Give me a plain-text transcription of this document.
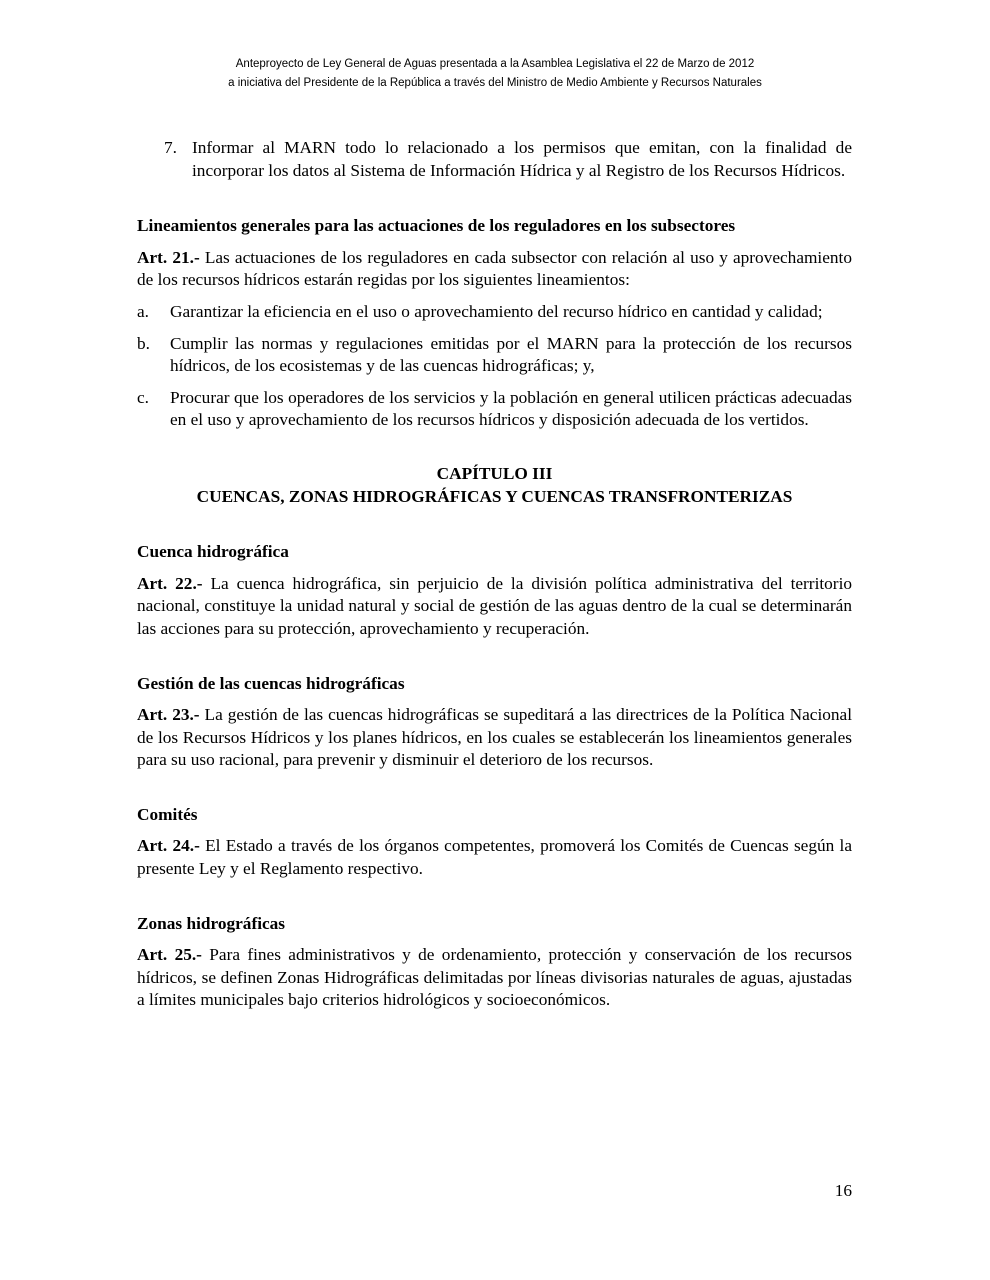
Anteproyecto de Ley General de Aguas presentada a la Asamblea Legislativa el 22 de Marzo de 2012
a iniciativa del Presidente de la República a través del Ministro de Medio Ambiente y Recursos Naturales
7. Informar al MARN todo lo relacionado a los permisos que emitan, con la finalidad de incorporar los datos al Sistema de Información Hídrica y al Registro de los Recursos Hídricos.

Lineamientos generales para las actuaciones de los reguladores en los subsectores

Art. 21.- Las actuaciones de los reguladores en cada subsector con relación al uso y aprovechamiento de los recursos hídricos estarán regidas por los siguientes lineamientos:

a. Garantizar la eficiencia en el uso o aprovechamiento del recurso hídrico en cantidad y calidad;
b. Cumplir las normas y regulaciones emitidas por el MARN para la protección de los recursos hídricos, de los ecosistemas y de las cuencas hidrográficas; y,
c. Procurar que los operadores de los servicios y la población en general utilicen prácticas adecuadas en el uso y aprovechamiento de los recursos hídricos y disposición adecuada de los vertidos.
CAPÍTULO III
CUENCAS, ZONAS HIDROGRÁFICAS Y CUENCAS TRANSFRONTERIZAS

Cuenca hidrográfica

Art. 22.- La cuenca hidrográfica, sin perjuicio de la división política administrativa del territorio nacional, constituye la unidad natural y social de gestión de las aguas dentro de la cual se determinarán las acciones para su protección, aprovechamiento y recuperación.

Gestión de las cuencas hidrográficas

Art. 23.- La gestión de las cuencas hidrográficas se supeditará a las directrices de la Política Nacional de los Recursos Hídricos y los planes hídricos, en los cuales se establecerán los lineamientos generales para su uso racional, para prevenir y disminuir el deterioro de los recursos.

Comités

Art. 24.- El Estado a través de los órganos competentes, promoverá los Comités de Cuencas según la presente Ley y el Reglamento respectivo.

Zonas hidrográficas

Art. 25.- Para fines administrativos y de ordenamiento, protección y conservación de los recursos hídricos, se definen Zonas Hidrográficas delimitadas por líneas divisorias naturales de aguas, ajustadas a límites municipales bajo criterios hidrológicos y socioeconómicos.

16
